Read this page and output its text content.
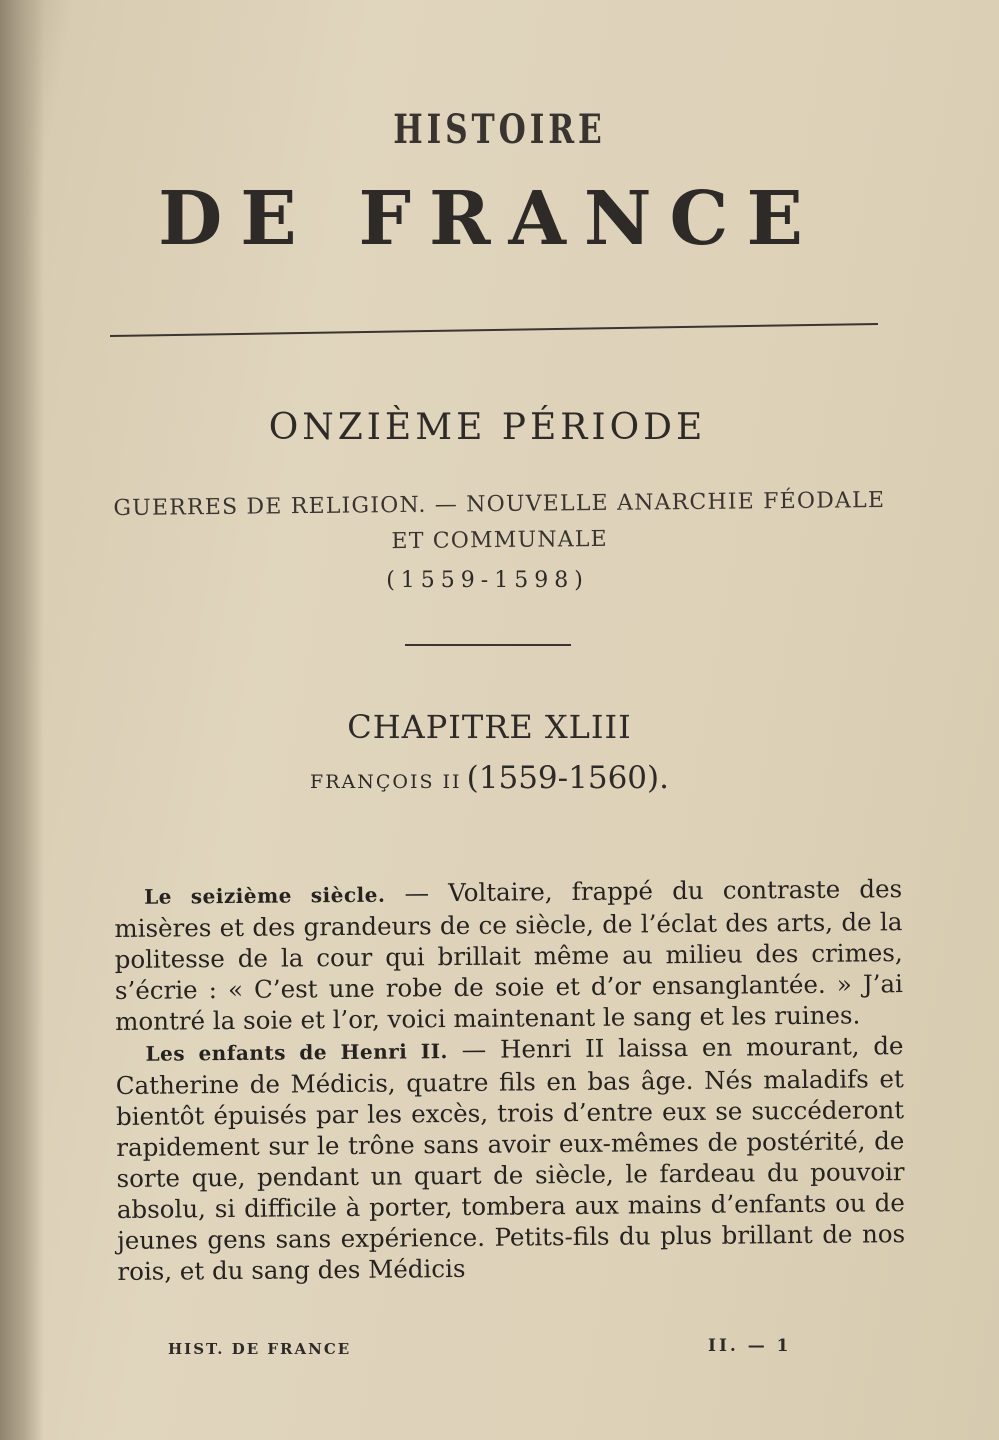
HISTOIRE
DE FRANCE
ONZIÈME PÉRIODE
GUERRES DE RELIGION. — NOUVELLE ANARCHIE FÉODALE
ET COMMUNALE
(1559-1598)
CHAPITRE XLIII
FRANÇOIS II (1559-1560).

Le seizième siècle. — Voltaire, frappé du contraste des misères et des grandeurs de ce siècle, de l’éclat des arts, de la politesse de la cour qui brillait même au milieu des crimes, s’écrie : « C’est une robe de soie et d’or ensanglantée. » J’ai montré la soie et l’or, voici maintenant le sang et les ruines.

Les enfants de Henri II. — Henri II laissa en mourant, de Catherine de Médicis, quatre fils en bas âge. Nés maladifs et bientôt épuisés par les excès, trois d’entre eux se succéderont rapidement sur le trône sans avoir eux-mêmes de postérité, de sorte que, pendant un quart de siècle, le fardeau du pouvoir absolu, si difficile à porter, tombera aux mains d’enfants ou de jeunes gens sans expérience. Petits-fils du plus brillant de nos rois, et du sang des Médicis

HIST. DE FRANCE	II. — 1
